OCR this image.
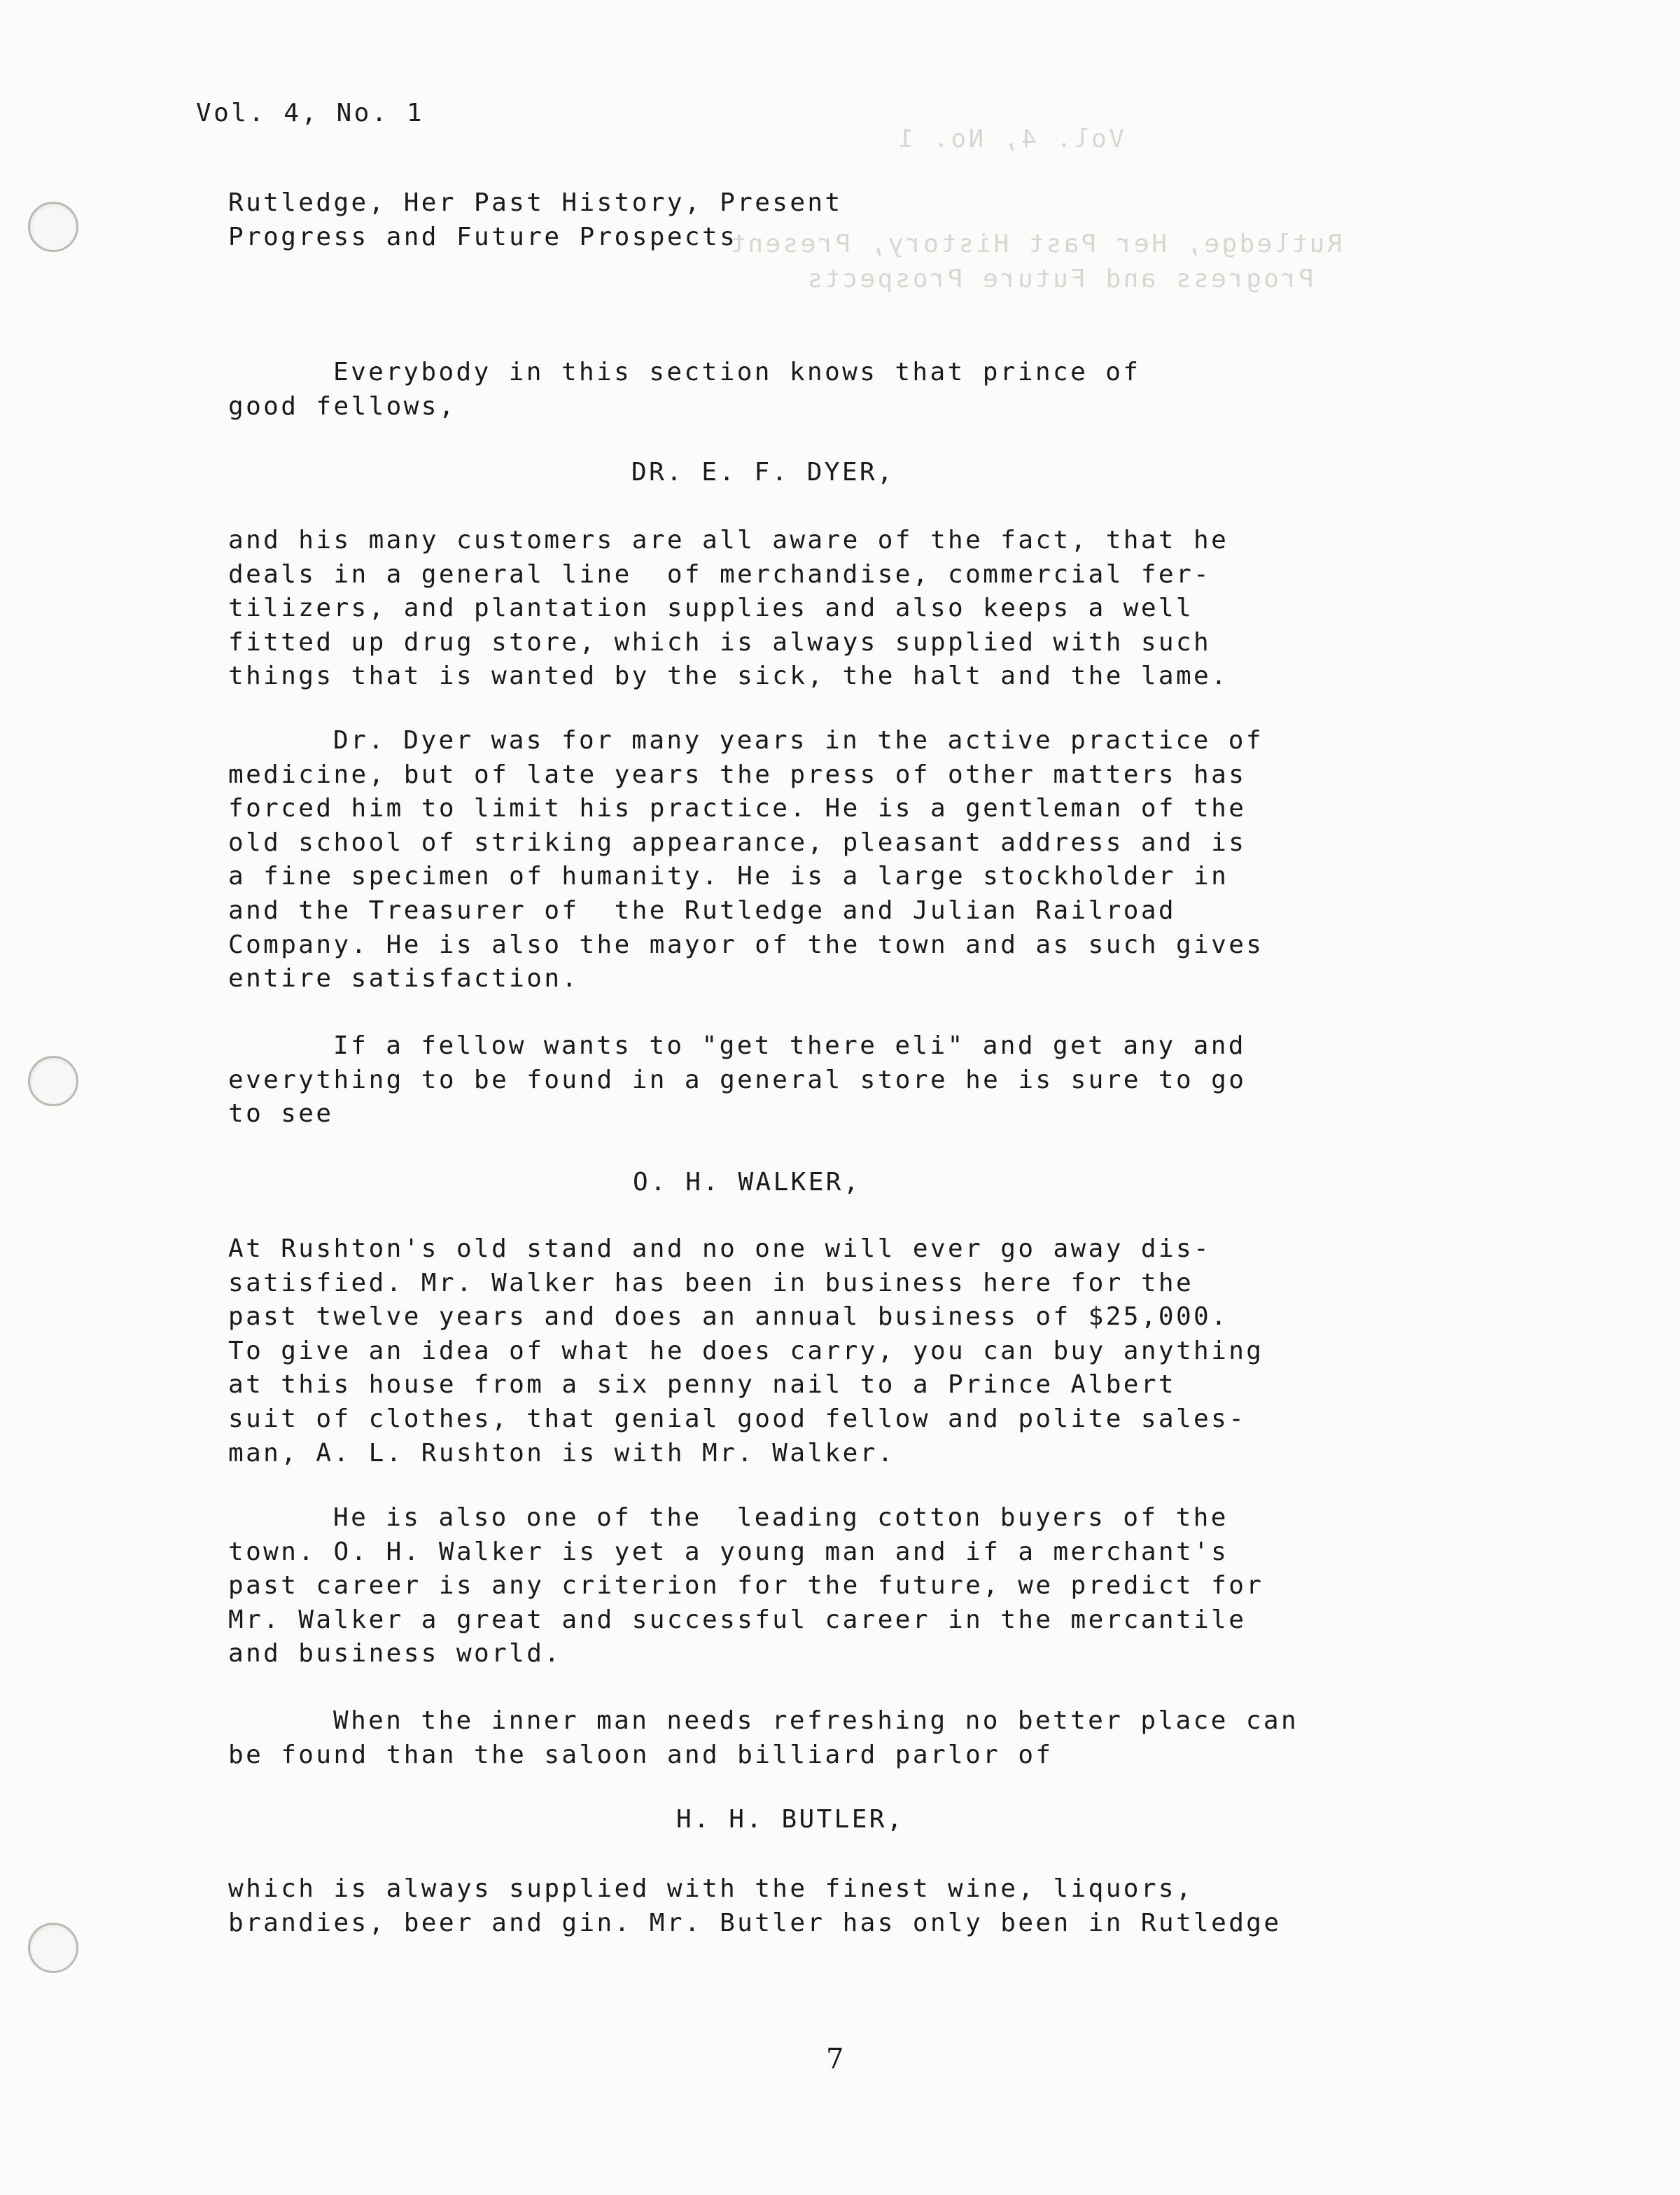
Vol. 4, No. 1
Rutledge, Her Past History, Present
Progress and Future Prospects
Vol. 4, No. 1
Rutledge, Her Past History, Present
Progress and Future Prospects
Everybody in this section knows that prince of
good fellows,
DR. E. F. DYER,
and his many customers are all aware of the fact, that he
deals in a general line  of merchandise, commercial fer-
tilizers, and plantation supplies and also keeps a well
fitted up drug store, which is always supplied with such
things that is wanted by the sick, the halt and the lame.
Dr. Dyer was for many years in the active practice of
medicine, but of late years the press of other matters has
forced him to limit his practice. He is a gentleman of the
old school of striking appearance, pleasant address and is
a fine specimen of humanity. He is a large stockholder in
and the Treasurer of  the Rutledge and Julian Railroad
Company. He is also the mayor of the town and as such gives
entire satisfaction.
If a fellow wants to "get there eli" and get any and
everything to be found in a general store he is sure to go
to see
O. H. WALKER,
At Rushton's old stand and no one will ever go away dis-
satisfied. Mr. Walker has been in business here for the
past twelve years and does an annual business of $25,000.
To give an idea of what he does carry, you can buy anything
at this house from a six penny nail to a Prince Albert
suit of clothes, that genial good fellow and polite sales-
man, A. L. Rushton is with Mr. Walker.
He is also one of the  leading cotton buyers of the
town. O. H. Walker is yet a young man and if a merchant's
past career is any criterion for the future, we predict for
Mr. Walker a great and successful career in the mercantile
and business world.
When the inner man needs refreshing no better place can
be found than the saloon and billiard parlor of
H. H. BUTLER,
which is always supplied with the finest wine, liquors,
brandies, beer and gin. Mr. Butler has only been in Rutledge
7
